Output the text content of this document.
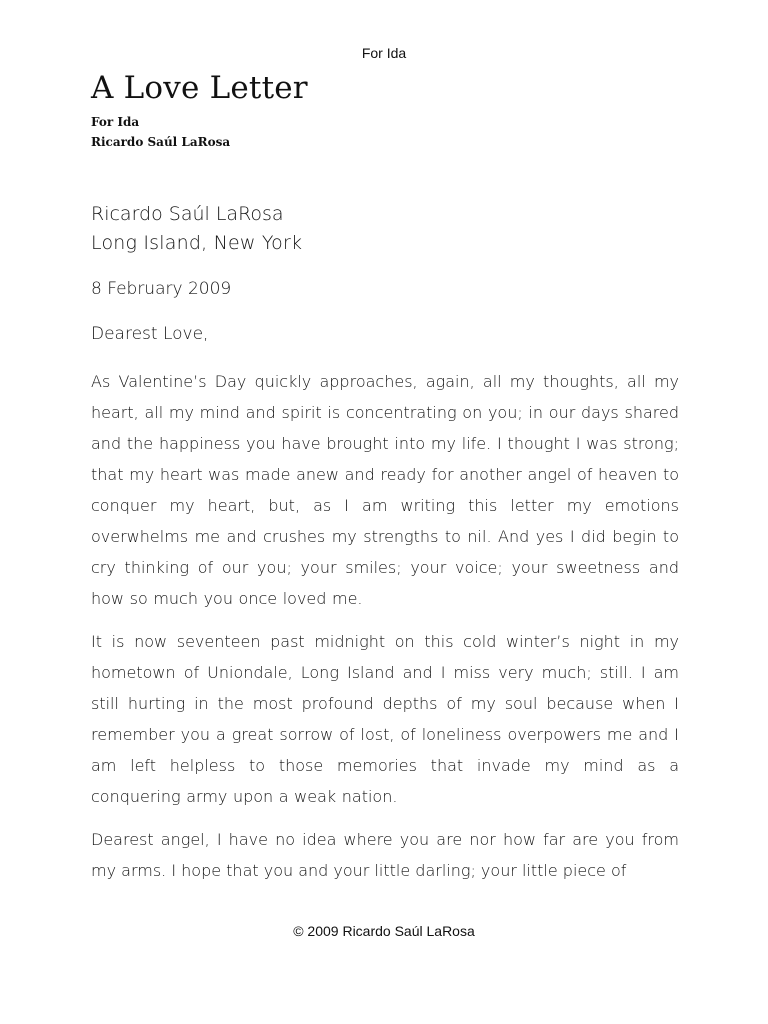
For Ida
A Love Letter
For Ida
Ricardo Saúl LaRosa

Ricardo Saúl LaRosa

Long Island, New York

8 February 2009

Dearest Love,

As Valentine’s Day quickly approaches, again, all my thoughts, all my heart, all my mind and spirit is concentrating on you; in our days shared and the happiness you have brought into my life. I thought I was strong; that my heart was made anew and ready for another angel of heaven to conquer my heart, but, as I am writing this letter my emotions overwhelms me and crushes my strengths to nil. And yes I did begin to cry thinking of our you; your smiles; your voice; your sweetness and how so much you once loved me.

It is now seventeen past midnight on this cold winter’s night in my hometown of Uniondale, Long Island and I miss very much; still. I am still hurting in the most profound depths of my soul because when I remember you a great sorrow of lost, of loneliness overpowers me and I am left helpless to those memories that invade my mind as a conquering army upon a weak nation.

Dearest angel, I have no idea where you are nor how far are you from my arms. I hope that you and your little darling; your little piece of

© 2009 Ricardo Saúl LaRosa
